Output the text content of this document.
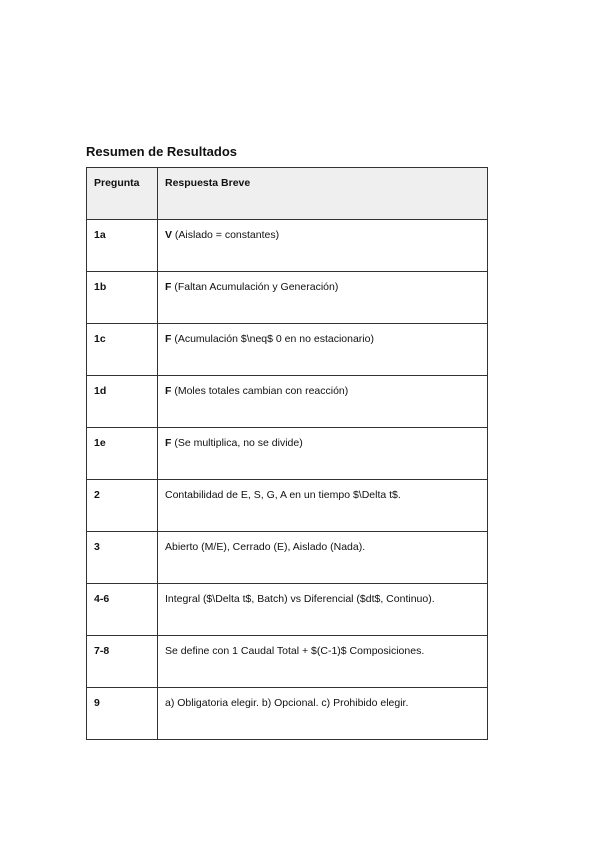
Resumen de Resultados
Pregunta	Respuesta Breve
1a	V (Aislado = constantes)
1b	F (Faltan Acumulación y Generación)
1c	F (Acumulación $\neq$ 0 en no estacionario)
1d	F (Moles totales cambian con reacción)
1e	F (Se multiplica, no se divide)
2	Contabilidad de E, S, G, A en un tiempo $\Delta t$.
3	Abierto (M/E), Cerrado (E), Aislado (Nada).
4-6	Integral ($\Delta t$, Batch) vs Diferencial ($dt$, Continuo).
7-8	Se define con 1 Caudal Total + $(C-1)$ Composiciones.
9	a) Obligatoria elegir. b) Opcional. c) Prohibido elegir.
